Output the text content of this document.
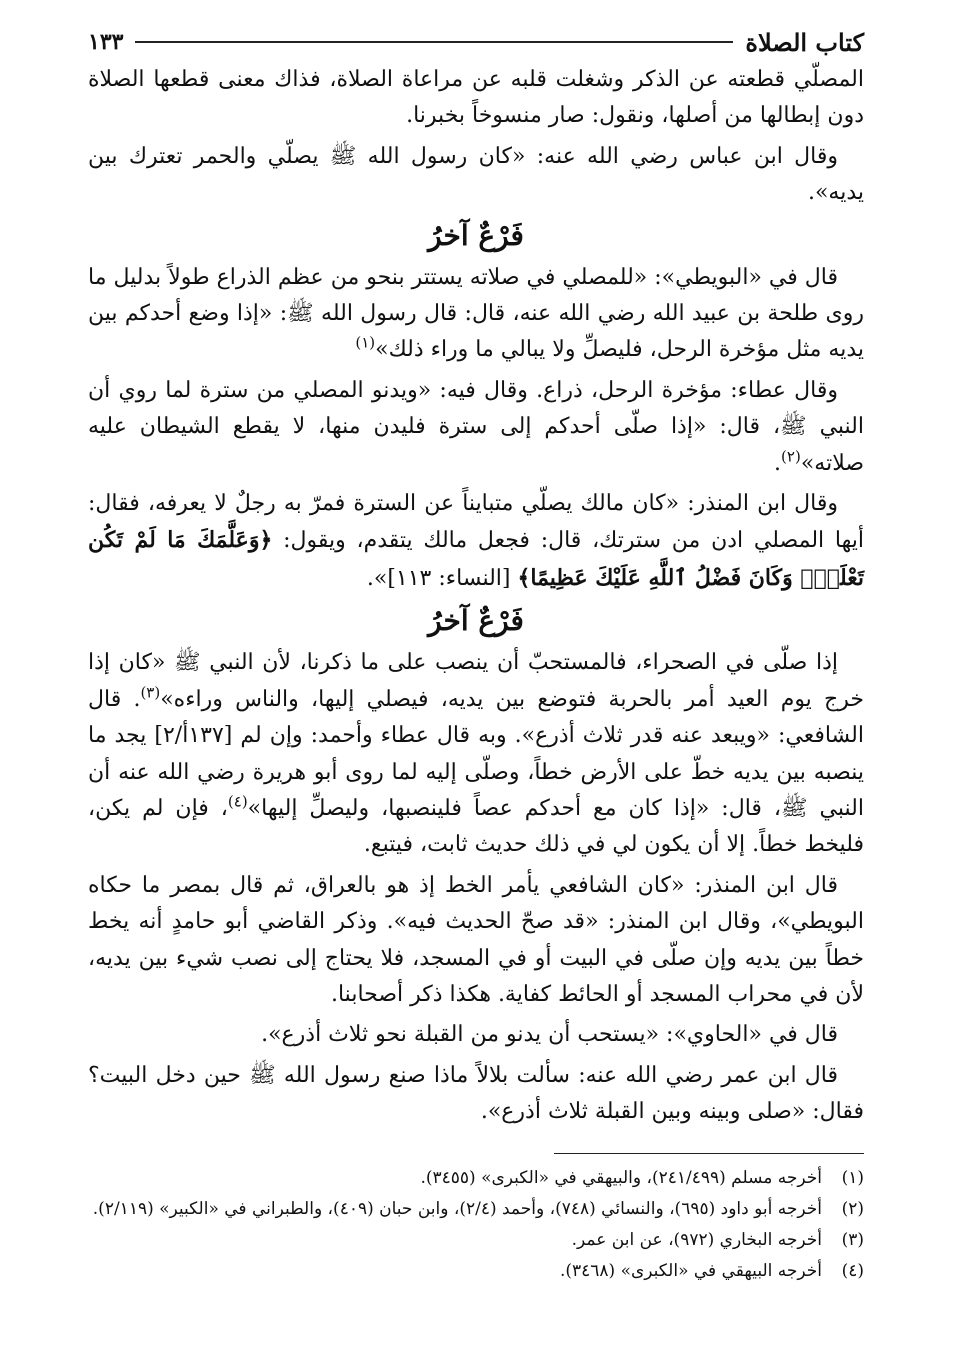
كتاب الصلاة
١٣٣

المصلّي قطعته عن الذكر وشغلت قلبه عن مراعاة الصلاة، فذاك معنى قطعها الصلاة دون إبطالها من أصلها، ونقول: صار منسوخاً بخبرنا.

وقال ابن عباس رضي الله عنه: «كان رسول الله ﷺ يصلّي والحمر تعترك بين يديه».

فَرْعٌ آخرُ

قال في «البويطي»: «للمصلي في صلاته يستتر بنحو من عظم الذراع طولاً بدليل ما روى طلحة بن عبيد الله رضي الله عنه، قال: قال رسول الله ﷺ: «إذا وضع أحدكم بين يديه مثل مؤخرة الرحل، فليصلِّ ولا يبالي ما وراء ذلك»$^{(١)}$

وقال عطاء: مؤخرة الرحل، ذراع. وقال فيه: «ويدنو المصلي من سترة لما روي أن النبي ﷺ، قال: «إذا صلّى أحدكم إلى سترة فليدن منها، لا يقطع الشيطان عليه صلاته»$^{(٢)}$.

وقال ابن المنذر: «كان مالك يصلّي متبايناً عن السترة فمرّ به رجلٌ لا يعرفه، فقال: أيها المصلي ادن من سترتك، قال: فجعل مالك يتقدم، ويقول: ﴿وَعَلَّمَكَ مَا لَمْ تَكُن تَعْلَمُۚ وَكَانَ فَضْلُ ٱللَّهِ عَلَيْكَ عَظِيمًا﴾ [النساء: ١١٣]».

فَرْعٌ آخرُ

إذا صلّى في الصحراء، فالمستحبّ أن ينصب على ما ذكرنا، لأن النبي ﷺ «كان إذا خرج يوم العيد أمر بالحربة فتوضع بين يديه، فيصلي إليها، والناس وراءه»$^{(٣)}$. قال الشافعي: «ويبعد عنه قدر ثلاث أذرع». وبه قال عطاء وأحمد: وإن لم [١٣٧أ/٢] يجد ما ينصبه بين يديه خطّ على الأرض خطاً، وصلّى إليه لما روى أبو هريرة رضي الله عنه أن النبي ﷺ، قال: «إذا كان مع أحدكم عصاً فلينصبها، وليصلِّ إليها»$^{(٤)}$، فإن لم يكن، فليخط خطاً. إلا أن يكون لي في ذلك حديث ثابت، فيتبع.

قال ابن المنذر: «كان الشافعي يأمر الخط إذ هو بالعراق، ثم قال بمصر ما حكاه البويطي»، وقال ابن المنذر: «قد صحّ الحديث فيه». وذكر القاضي أبو حامدٍ أنه يخط خطاً بين يديه وإن صلّى في البيت أو في المسجد، فلا يحتاج إلى نصب شيء بين يديه، لأن في محراب المسجد أو الحائط كفاية. هكذا ذكر أصحابنا.

قال في «الحاوي»: «يستحب أن يدنو من القبلة نحو ثلاث أذرع».

قال ابن عمر رضي الله عنه: سألت بلالاً ماذا صنع رسول الله ﷺ حين دخل البيت؟ فقال: «صلى وبينه وبين القبلة ثلاث أذرع».

(١)
أخرجه مسلم (٢٤١/٤٩٩)، والبيهقي في «الكبرى» (٣٤٥٥).
(٢)
أخرجه أبو داود (٦٩٥)، والنسائي (٧٤٨)، وأحمد (٢/٤)، وابن حبان (٤٠٩)، والطبراني في «الكبير» (٢/١١٩).
(٣)
أخرجه البخاري (٩٧٢)، عن ابن عمر.
(٤)
أخرجه البيهقي في «الكبرى» (٣٤٦٨).
